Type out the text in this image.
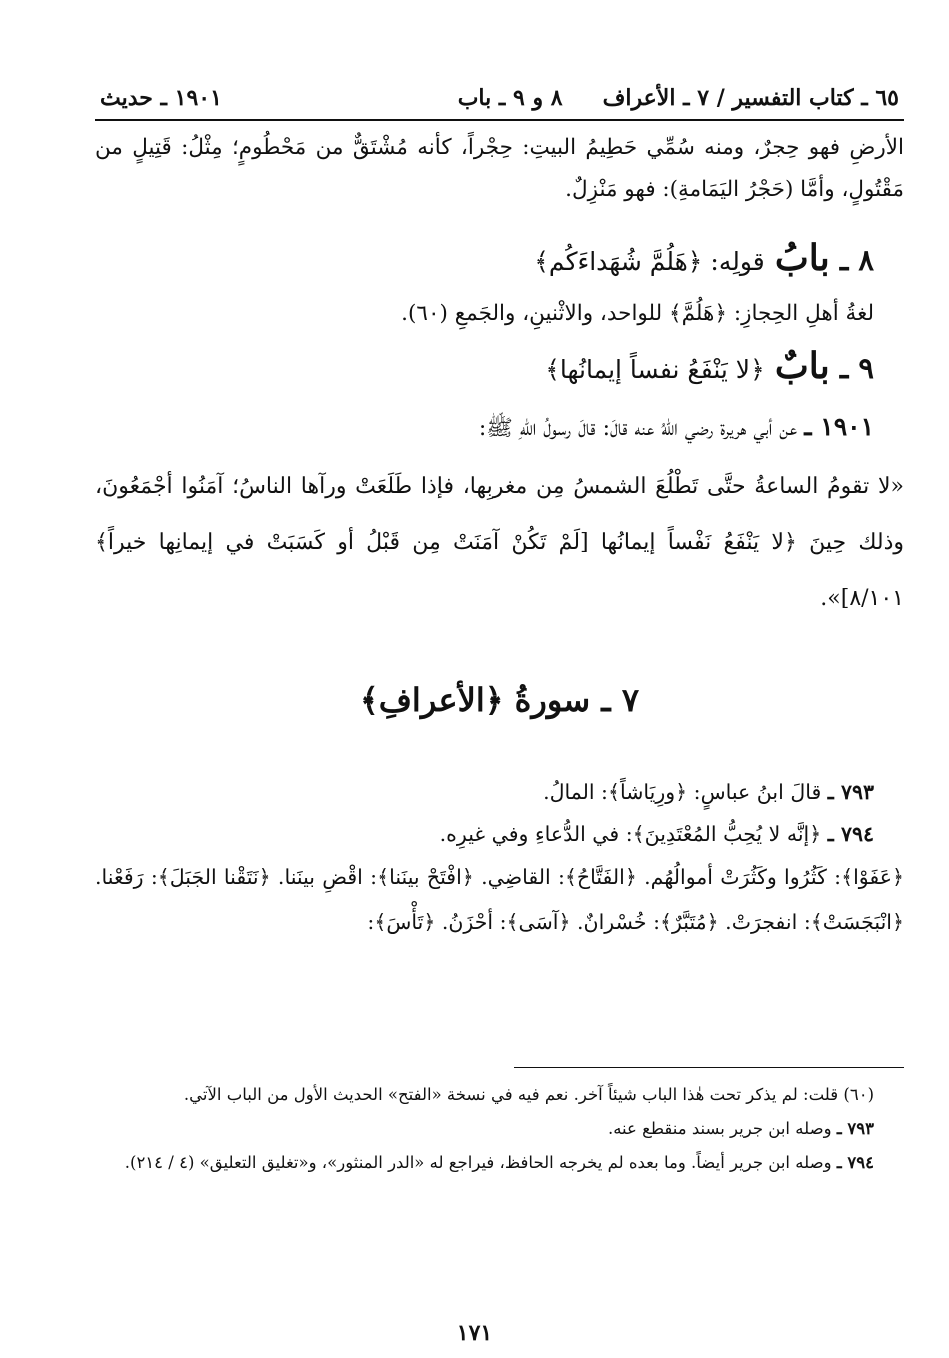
٦٥ ـ كتاب التفسير / ٧ ـ الأعراف
٨ و ٩ ـ باب
١٩٠١ ـ حديث

الأرضِ فهو حِجرٌ، ومنه سُمِّي حَطِيمُ البيتِ: حِجْراً، كأنه مُشْتَقٌّ من مَحْطُومٍ؛ مِثْلُ: قَتِيلٍ من مَقْتُولٍ، وأمَّا (حَجْرُ اليَمَامةِ): فهو مَنْزِلٌ.

٨ ـ بابُ قولِه: ﴿هَلُمَّ شُهَداءَكُم﴾

لغةُ أهلِ الحِجازِ: ﴿هَلُمَّ﴾ للواحد، والاثْنينِ، والجَمعِ (٦٠).

٩ ـ بابٌ ﴿لا يَنْفَعُ نفساً إيمانُها﴾
١٩٠١ ـ عن أبي هريرة رضي اللهُ عنه قالَ: قالَ رسولُ اللهِ ﷺ:

«لا تقومُ الساعةُ حتَّى تَطْلُعَ الشمسُ مِن مغربِها، فإذا طَلَعَتْ ورآها الناسُ؛ آمَنُوا أجْمَعُونَ، وذلك حِينَ ﴿لا يَنْفَعُ نَفْساً إيمانُها [لَمْ تَكُنْ آمَنَتْ مِن قَبْلُ أو كَسَبَتْ في إيمانِها خيراً﴾ ٨/١٠١]».

٧ ـ سورةُ ﴿الأعرافِ﴾

٧٩٣ ـ قالَ ابنُ عباسٍ: ﴿ورِيَاشاً﴾: المالُ.

٧٩٤ ـ ﴿إنَّه لا يُحِبُّ المُعْتَدِينَ﴾: في الدُّعاءِ وفي غيرِه.

﴿عَفَوْا﴾: كَثُرُوا وكَثُرَتْ أموالُهُم. ﴿الفَتَّاحُ﴾: القاضِي. ﴿افْتَحْ بينَنا﴾: اقْضِ بينَنا. ﴿نَتَقْنا الجَبَلَ﴾: رَفَعْنا. ﴿انْبَجَسَتْ﴾: انفجرَتْ. ﴿مُتَبَّرٌ﴾: خُسْرانٌ. ﴿آسَى﴾: أحْزَنُ. ﴿تَأْسَ﴾:

(٦٠) قلت: لم يذكر تحت هٰذا الباب شيئاً آخر. نعم فيه في نسخة «الفتح» الحديث الأول من الباب الآتي.

٧٩٣ ـ وصله ابن جرير بسند منقطع عنه.

٧٩٤ ـ وصله ابن جرير أيضاً. وما بعده لم يخرجه الحافظ، فيراجع له «الدر المنثور»، و«تغليق التعليق» (٤ / ٢١٤).

١٧١
